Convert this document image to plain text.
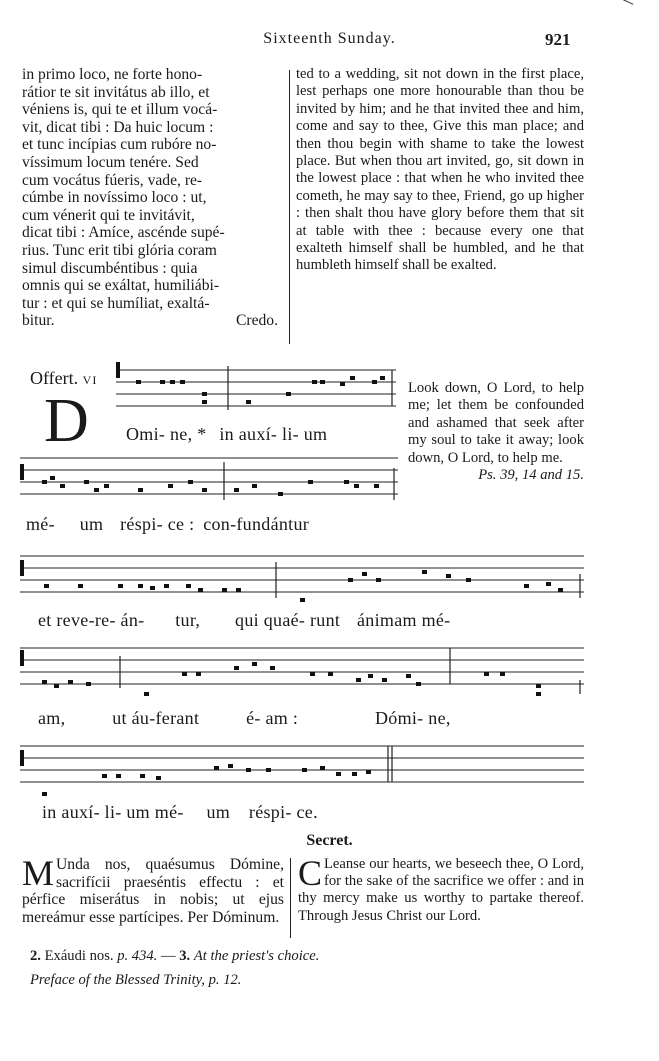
Sixteenth Sunday.	921
in primo loco, ne forte hono-
rátior te sit invitátus ab illo, et
véniens is, qui te et illum vocá-
vit, dicat tibi : Da huic locum :
et tunc incípias cum rubóre no-
víssimum locum tenére. Sed
cum vocátus fúeris, vade, re-
cúmbe in novíssimo loco : ut,
cum vénerit qui te invitávit,
dicat tibi : Amíce, ascénde supé-
rius. Tunc erit tibi glória coram
simul discumbéntibus : quia
omnis qui se exáltat, humiliábi-
tur : et qui se humíliat, exaltá-
bitur.	Credo.
ted to a wedding, sit not down in the first place, lest perhaps one more honourable than thou be invited by him; and he that invited thee and him, come and say to thee, Give this man place; and then thou begin with shame to take the lowest place. But when thou art invited, go, sit down in the lowest place : that when he who invited thee cometh, he may say to thee, Friend, go up higher : then shalt thou have glory before them that sit at table with thee : because every one that exalteth himself shall be humbled, and he that humbleth himself shall be exalted.
Offert. VI
D Omi- ne, * in auxí- li- um
mé- um réspi- ce : con-fundántur
Look down, O Lord, to help me; let them be confounded and ashamed that seek after my soul to take it away; look down, O Lord, to help me.
Ps. 39, 14 and 15.
et reve-re- án- tur, qui quaé- runt ánimam mé-
am,	ut áu-ferant	é- am :	Dómi- ne,
in auxí- li- um mé- um réspi- ce.
Secret.
M Unda nos, quaésumus Dómine, sacrifícii praeséntis effectu : et pérfice miserátus in nobis; ut ejus mereámur esse partícipes. Per Dóminum.
C Leanse our hearts, we beseech thee, O Lord, for the sake of the sacrifice we offer : and in thy mercy make us worthy to partake thereof. Through Jesus Christ our Lord.
2. Exáudi nos. p. 434. — 3. At the priest's choice.
Preface of the Blessed Trinity, p. 12.
